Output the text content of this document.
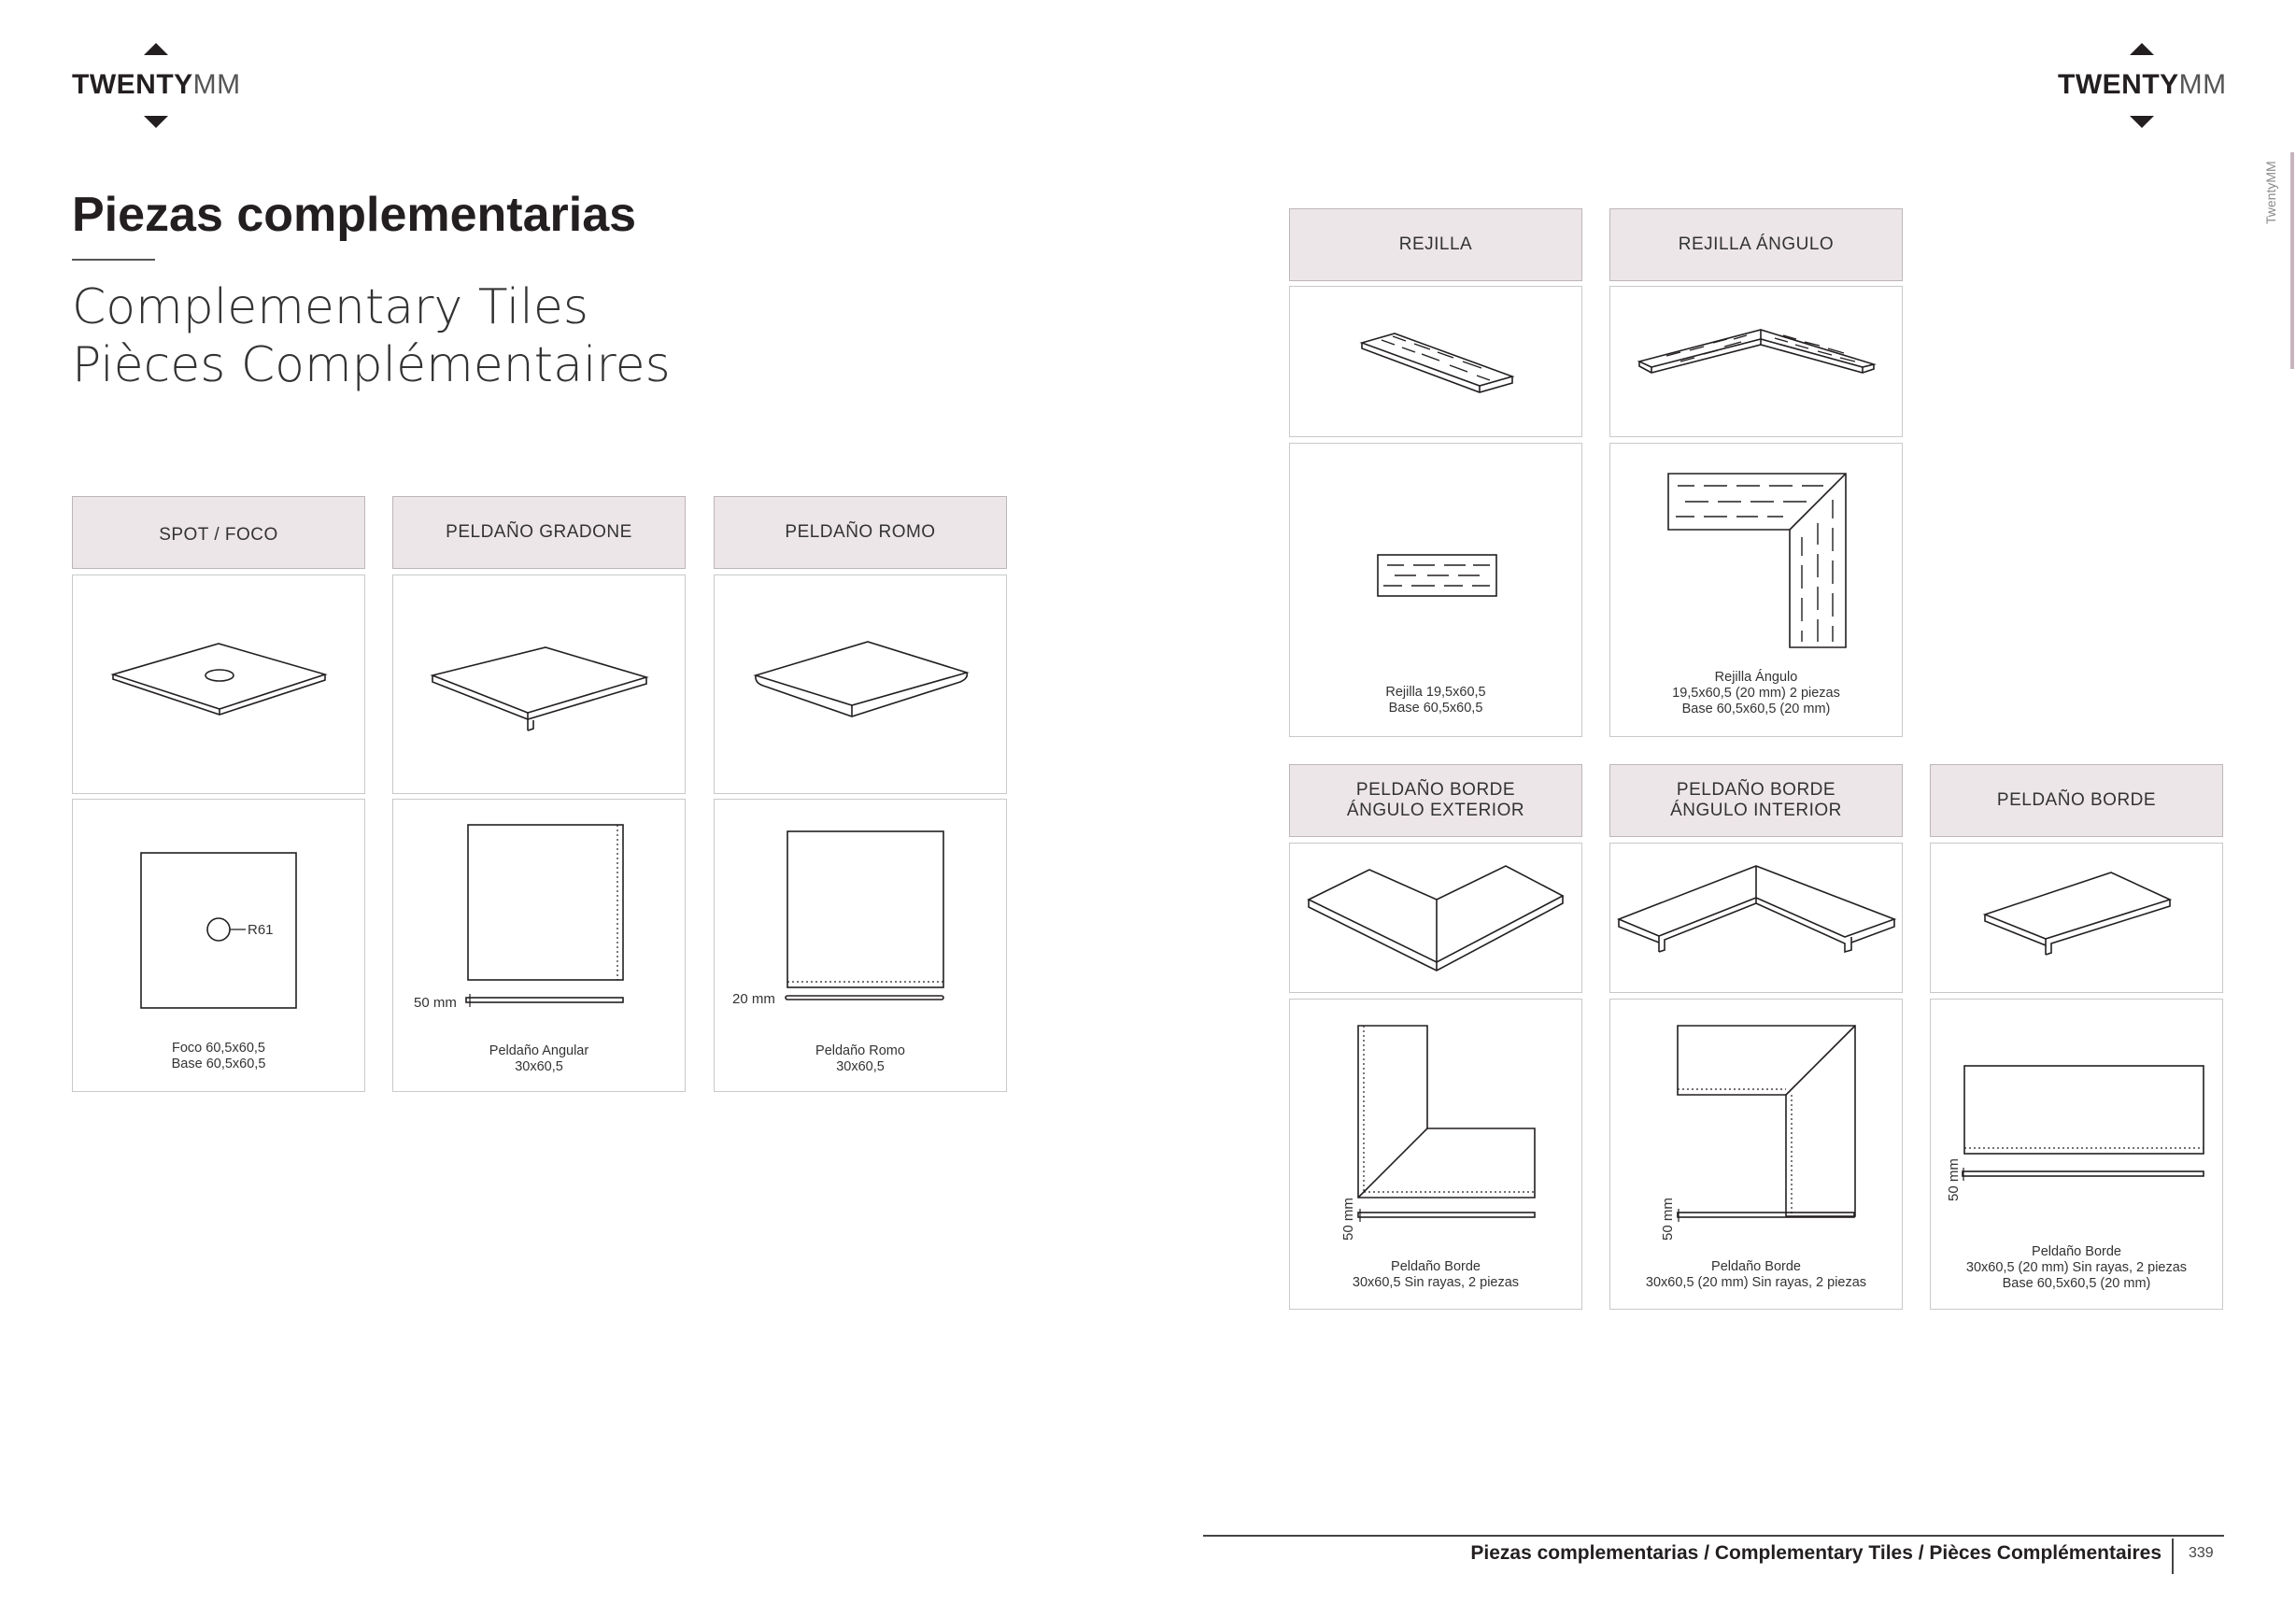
TWENTYMM	TWENTYMM
TwentyMM
Piezas complementarias
Complementary Tiles
Pièces Complémentaires
SPOT / FOCO
R61
Foco 60,5x60,5
Base 60,5x60,5
PELDAÑO GRADONE
50 mm
Peldaño Angular
30x60,5
PELDAÑO ROMO
20 mm
Peldaño Romo
30x60,5
REJILLA
Rejilla 19,5x60,5
Base 60,5x60,5
REJILLA ÁNGULO
Rejilla Ángulo
19,5x60,5 (20 mm) 2 piezas
Base 60,5x60,5 (20 mm)
PELDAÑO BORDE
ÁNGULO EXTERIOR
50 mm
Peldaño Borde
30x60,5 Sin rayas, 2 piezas
PELDAÑO BORDE
ÁNGULO INTERIOR
50 mm
Peldaño Borde
30x60,5 (20 mm) Sin rayas, 2 piezas
PELDAÑO BORDE
50 mm
Peldaño Borde
30x60,5 (20 mm) Sin rayas, 2 piezas
Base 60,5x60,5 (20 mm)
Piezas complementarias / Complementary Tiles / Pièces Complémentaires 339
